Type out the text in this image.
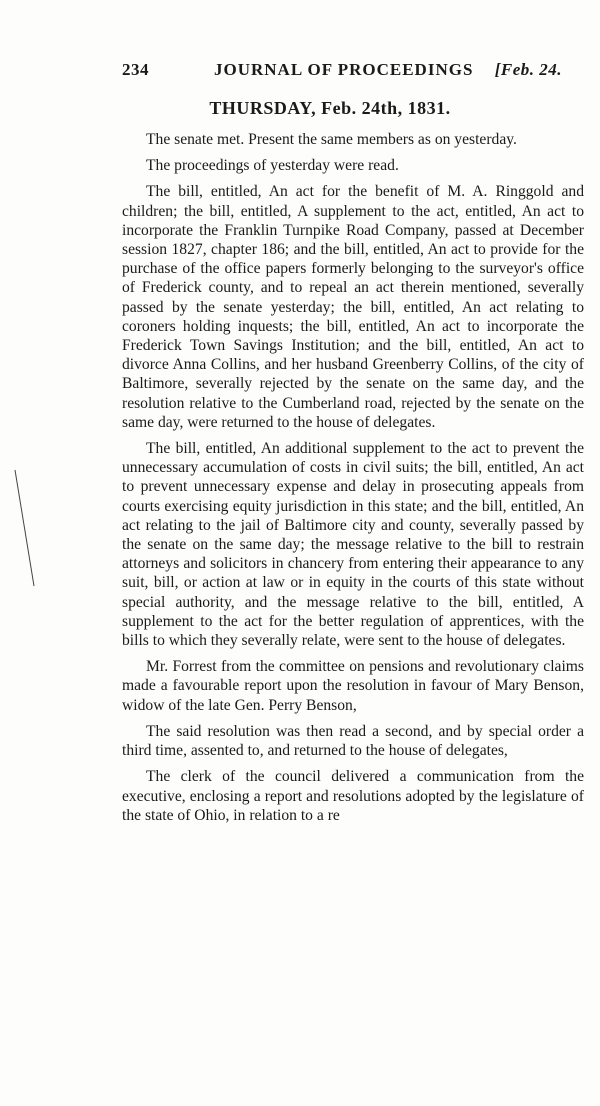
234	JOURNAL OF PROCEEDINGS [Feb. 24.
THURSDAY, Feb. 24th, 1831.

The senate met. Present the same members as on yesterday.

The proceedings of yesterday were read.

The bill, entitled, An act for the benefit of M. A. Ringgold and children; the bill, entitled, A supplement to the act, entitled, An act to incorporate the Franklin Turnpike Road Company, passed at December session 1827, chapter 186; and the bill, entitled, An act to provide for the purchase of the office papers formerly belonging to the surveyor's office of Frederick county, and to repeal an act therein mentioned, severally passed by the senate yesterday; the bill, entitled, An act relating to coroners holding inquests; the bill, entitled, An act to incorporate the Frederick Town Savings Institution; and the bill, entitled, An act to divorce Anna Collins, and her husband Greenberry Collins, of the city of Baltimore, severally rejected by the senate on the same day, and the resolution relative to the Cumberland road, rejected by the senate on the same day, were returned to the house of delegates.

The bill, entitled, An additional supplement to the act to prevent the unnecessary accumulation of costs in civil suits; the bill, entitled, An act to prevent unnecessary expense and delay in prosecuting appeals from courts exercising equity jurisdiction in this state; and the bill, entitled, An act relating to the jail of Baltimore city and county, severally passed by the senate on the same day; the message relative to the bill to restrain attorneys and solicitors in chancery from entering their appearance to any suit, bill, or action at law or in equity in the courts of this state without special authority, and the message relative to the bill, entitled, A supplement to the act for the better regulation of apprentices, with the bills to which they severally relate, were sent to the house of delegates.

Mr. Forrest from the committee on pensions and revolutionary claims made a favourable report upon the resolution in favour of Mary Benson, widow of the late Gen. Perry Benson,

The said resolution was then read a second, and by special order a third time, assented to, and returned to the house of delegates,

The clerk of the council delivered a communication from the executive, enclosing a report and resolutions adopted by the legislature of the state of Ohio, in relation to a re
